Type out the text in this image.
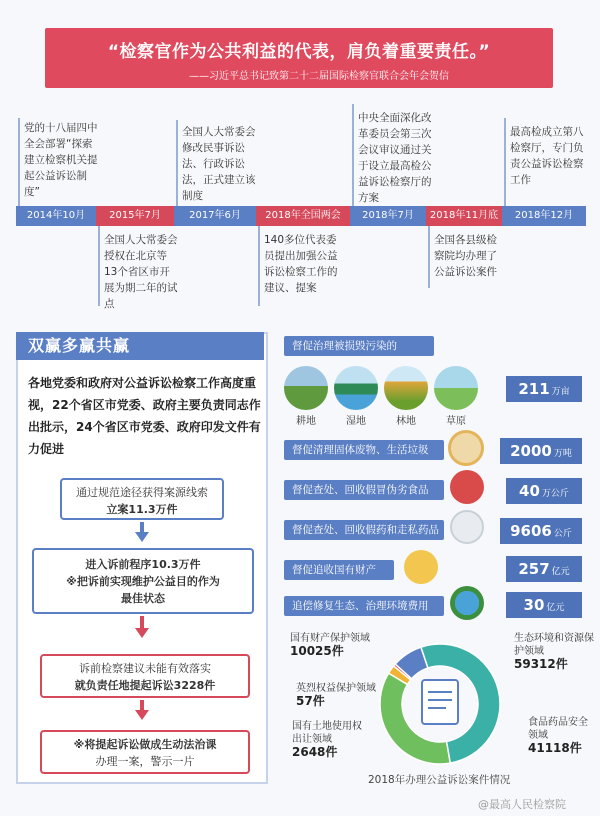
“检察官作为公共利益的代表，肩负着重要责任。”
——习近平总书记致第二十二届国际检察官联合会年会贺信
2014年10月	2015年7月	2017年6月	2018年全国两会	2018年7月	2018年11月底	2018年12月
党的十八届四中全会部署“探索建立检察机关提起公益诉讼制度”
全国人大常委会授权在北京等13个省区市开展为期二年的试点
全国人大常委会修改民事诉讼法、行政诉讼法，正式建立该制度
140多位代表委员提出加强公益诉讼检察工作的建议、提案
中央全面深化改革委员会第三次会议审议通过关于设立最高检公益诉讼检察厅的方案
全国各县级检察院均办理了公益诉讼案件
最高检成立第八检察厅，专门负责公益诉讼检察工作
双赢多赢共赢
各地党委和政府对公益诉讼检察工作高度重视，22个省区市党委、政府主要负责同志作出批示，24个省区市党委、政府印发文件有力促进
通过规范途径获得案源线索
立案11.3万件
进入诉前程序10.3万件
※把诉前实现维护公益目的作为
最佳状态
诉前检察建议未能有效落实
就负责任地提起诉讼3228件
※将提起诉讼做成生动法治课
办理一案，警示一片
督促治理被损毁污染的
耕地	湿地	林地	草原
211 万亩
督促清理固体废物、生活垃圾	2000 万吨
督促查处、回收假冒伪劣食品	40 万公斤
督促查处、回收假药和走私药品	9606 公斤
督促追收国有财产	257 亿元
追偿修复生态、治理环境费用	30 亿元
国有财产保护领域
10025件
英烈权益保护领域
57件
国有土地使用权出让领域
2648件
生态环境和资源保护领域
59312件
食品药品安全领域
41118件
2018年办理公益诉讼案件情况
@最高人民检察院
